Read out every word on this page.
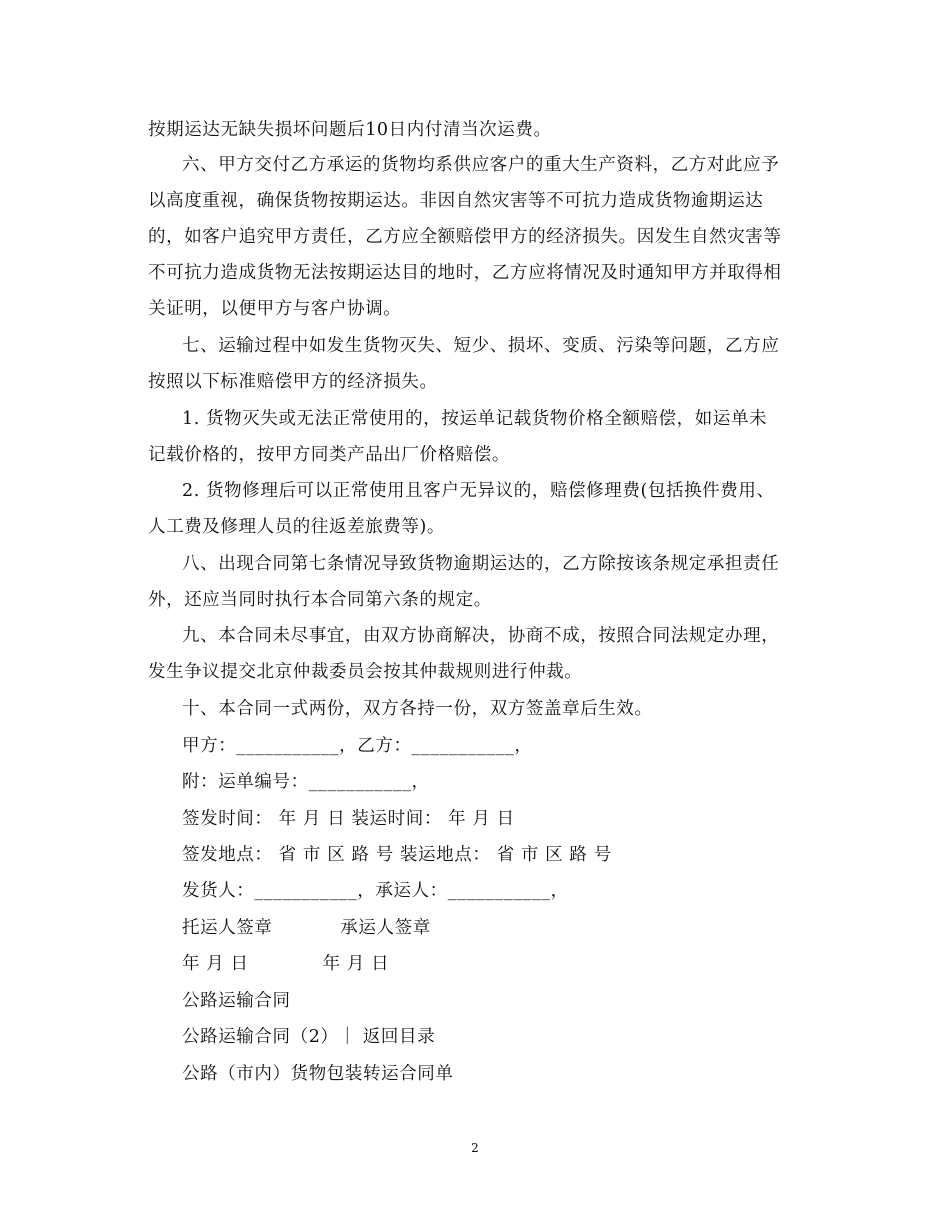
按期运达无缺失损坏问题后10日内付清当次运费。
六、甲方交付乙方承运的货物均系供应客户的重大生产资料，乙方对此应予
以高度重视，确保货物按期运达。非因自然灾害等不可抗力造成货物逾期运达
的，如客户追究甲方责任，乙方应全额赔偿甲方的经济损失。因发生自然灾害等
不可抗力造成货物无法按期运达目的地时，乙方应将情况及时通知甲方并取得相
关证明，以便甲方与客户协调。
七、运输过程中如发生货物灭失、短少、损坏、变质、污染等问题，乙方应
按照以下标准赔偿甲方的经济损失。
1. 货物灭失或无法正常使用的，按运单记载货物价格全额赔偿，如运单未
记载价格的，按甲方同类产品出厂价格赔偿。
2. 货物修理后可以正常使用且客户无异议的，赔偿修理费(包括换件费用、
人工费及修理人员的往返差旅费等)。
八、出现合同第七条情况导致货物逾期运达的，乙方除按该条规定承担责任
外，还应当同时执行本合同第六条的规定。
九、本合同未尽事宜，由双方协商解决，协商不成，按照合同法规定办理，
发生争议提交北京仲裁委员会按其仲裁规则进行仲裁。
十、本合同一式两份，双方各持一份，双方签盖章后生效。
甲方：___________，乙方：___________，
附：运单编号：___________，
签发时间： 年 月 日 装运时间： 年 月 日
签发地点： 省 市 区 路 号 装运地点： 省 市 区 路 号
发货人：___________，承运人：___________，
托运人签章           承运人签章
年 月 日            年 月 日
公路运输合同
公路运输合同（2）｜ 返回目录
公路（市内）货物包装转运合同单
2
